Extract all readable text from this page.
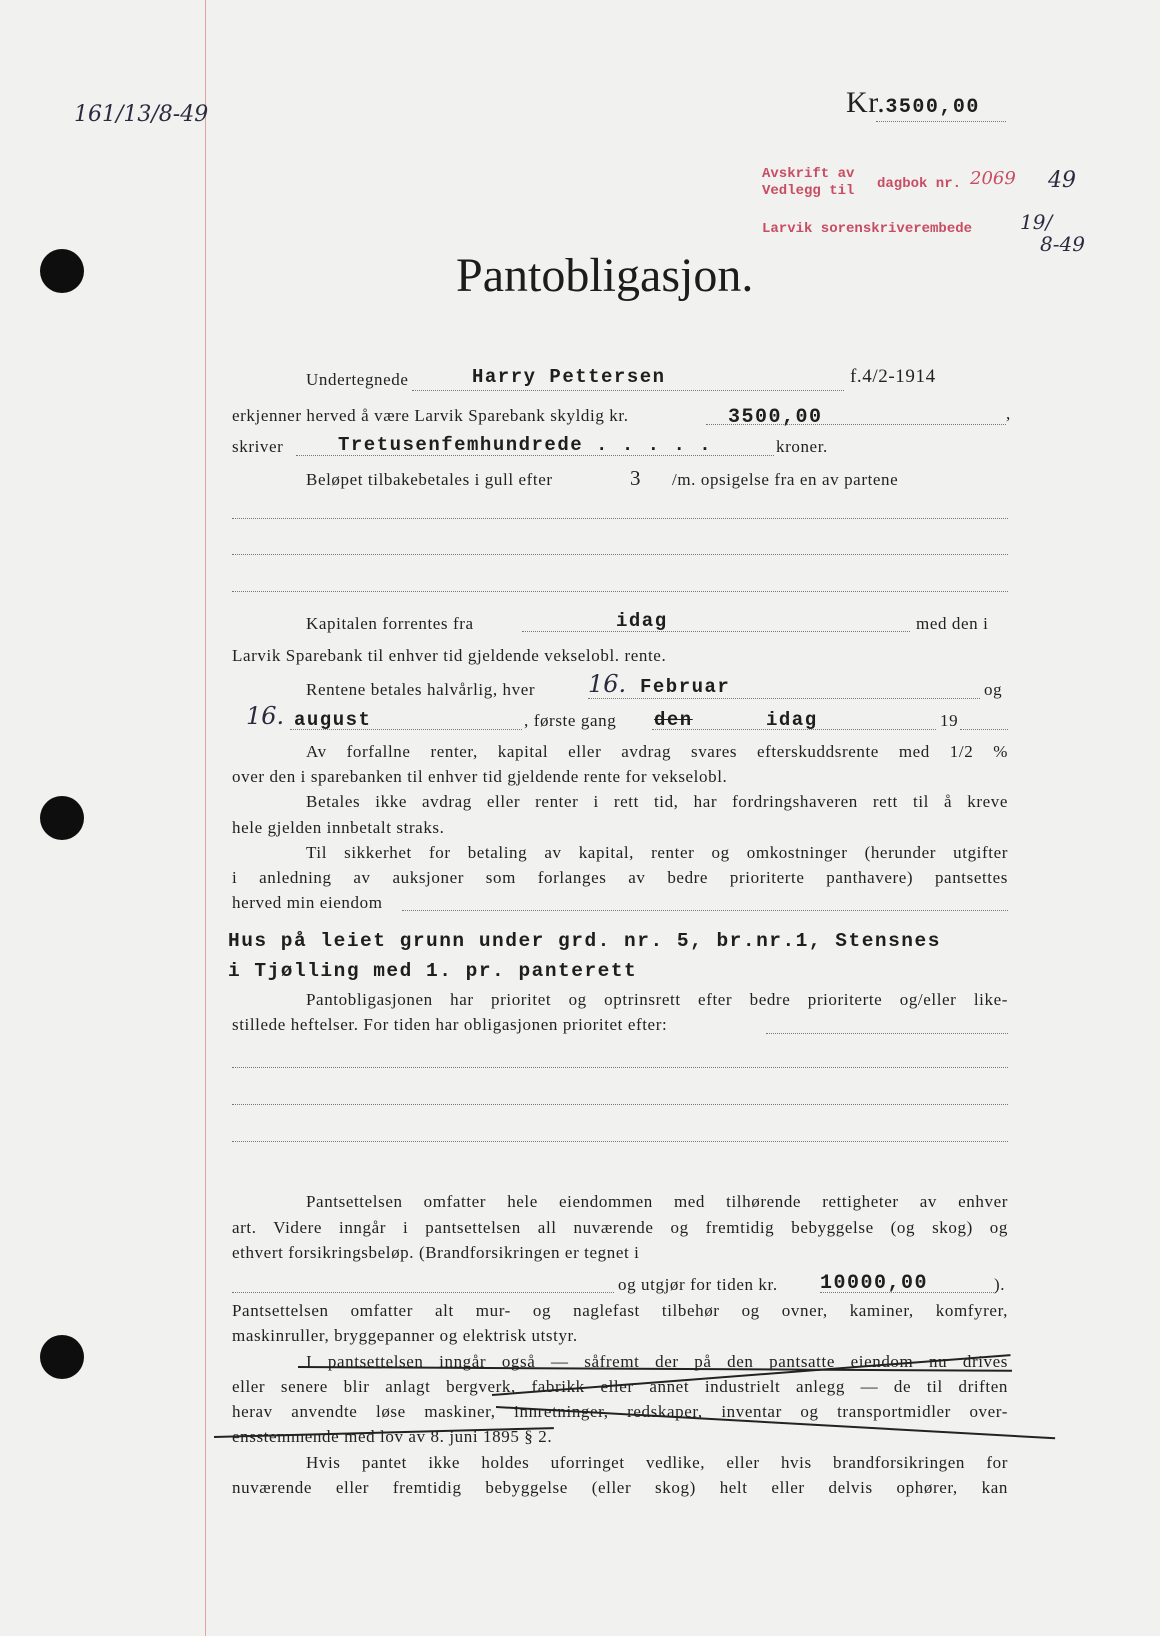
161/13/8-49	Kr.3500,00
Avskrift av
Vedlegg til dagbok nr. 2069 49
Larvik sorenskriverembede 19/
8-49
Pantobligasjon.
Undertegnede	Harry Pettersen	f.4/2-1914
erkjenner herved å være Larvik Sparebank skyldig kr.	3500,00	,
skriver	Tretusenfemhundrede . . . . .	kroner.
Beløpet tilbakebetales i gull efter	3 /m. opsigelse fra en av partene
Kapitalen forrentes fra	idag	med den i
Larvik Sparebank til enhver tid gjeldende vekselobl. rente.
Rentene betales halvårlig, hver 16. Februar	og
16. august	, første gang den	idag	19
Av forfallne renter, kapital eller avdrag svares efterskuddsrente med 1/2 %
over den i sparebanken til enhver tid gjeldende rente for vekselobl.
Betales ikke avdrag eller renter i rett tid, har fordringshaveren rett til å kreve
hele gjelden innbetalt straks.
Til sikkerhet for betaling av kapital, renter og omkostninger (herunder utgifter
i anledning av auksjoner som forlanges av bedre prioriterte panthavere) pantsettes
herved min eiendom
Hus på leiet grunn under grd. nr. 5, br.nr.1, Stensnes
i Tjølling med 1. pr. panterett
Pantobligasjonen har prioritet og optrinsrett efter bedre prioriterte og/eller like-
stillede heftelser. For tiden har obligasjonen prioritet efter:
Pantsettelsen omfatter hele eiendommen med tilhørende rettigheter av enhver
art. Videre inngår i pantsettelsen all nuværende og fremtidig bebyggelse (og skog) og
ethvert forsikringsbeløp. (Brandforsikringen er tegnet i
og utgjør for tiden kr. 10000,00	).
Pantsettelsen omfatter alt mur- og naglefast tilbehør og ovner, kaminer, komfyrer,
maskinruller, bryggepanner og elektrisk utstyr.
I pantsettelsen inngår også — såfremt der på den pantsatte eiendom nu drives
eller senere blir anlagt bergverk, fabrikk eller annet industrielt anlegg — de til driften
herav anvendte løse maskiner, innretninger, redskaper, inventar og transportmidler over-
ensstemmende med lov av 8. juni 1895 § 2.
Hvis pantet ikke holdes uforringet vedlike, eller hvis brandforsikringen for
nuværende eller fremtidig bebyggelse (eller skog) helt eller delvis ophører, kan
